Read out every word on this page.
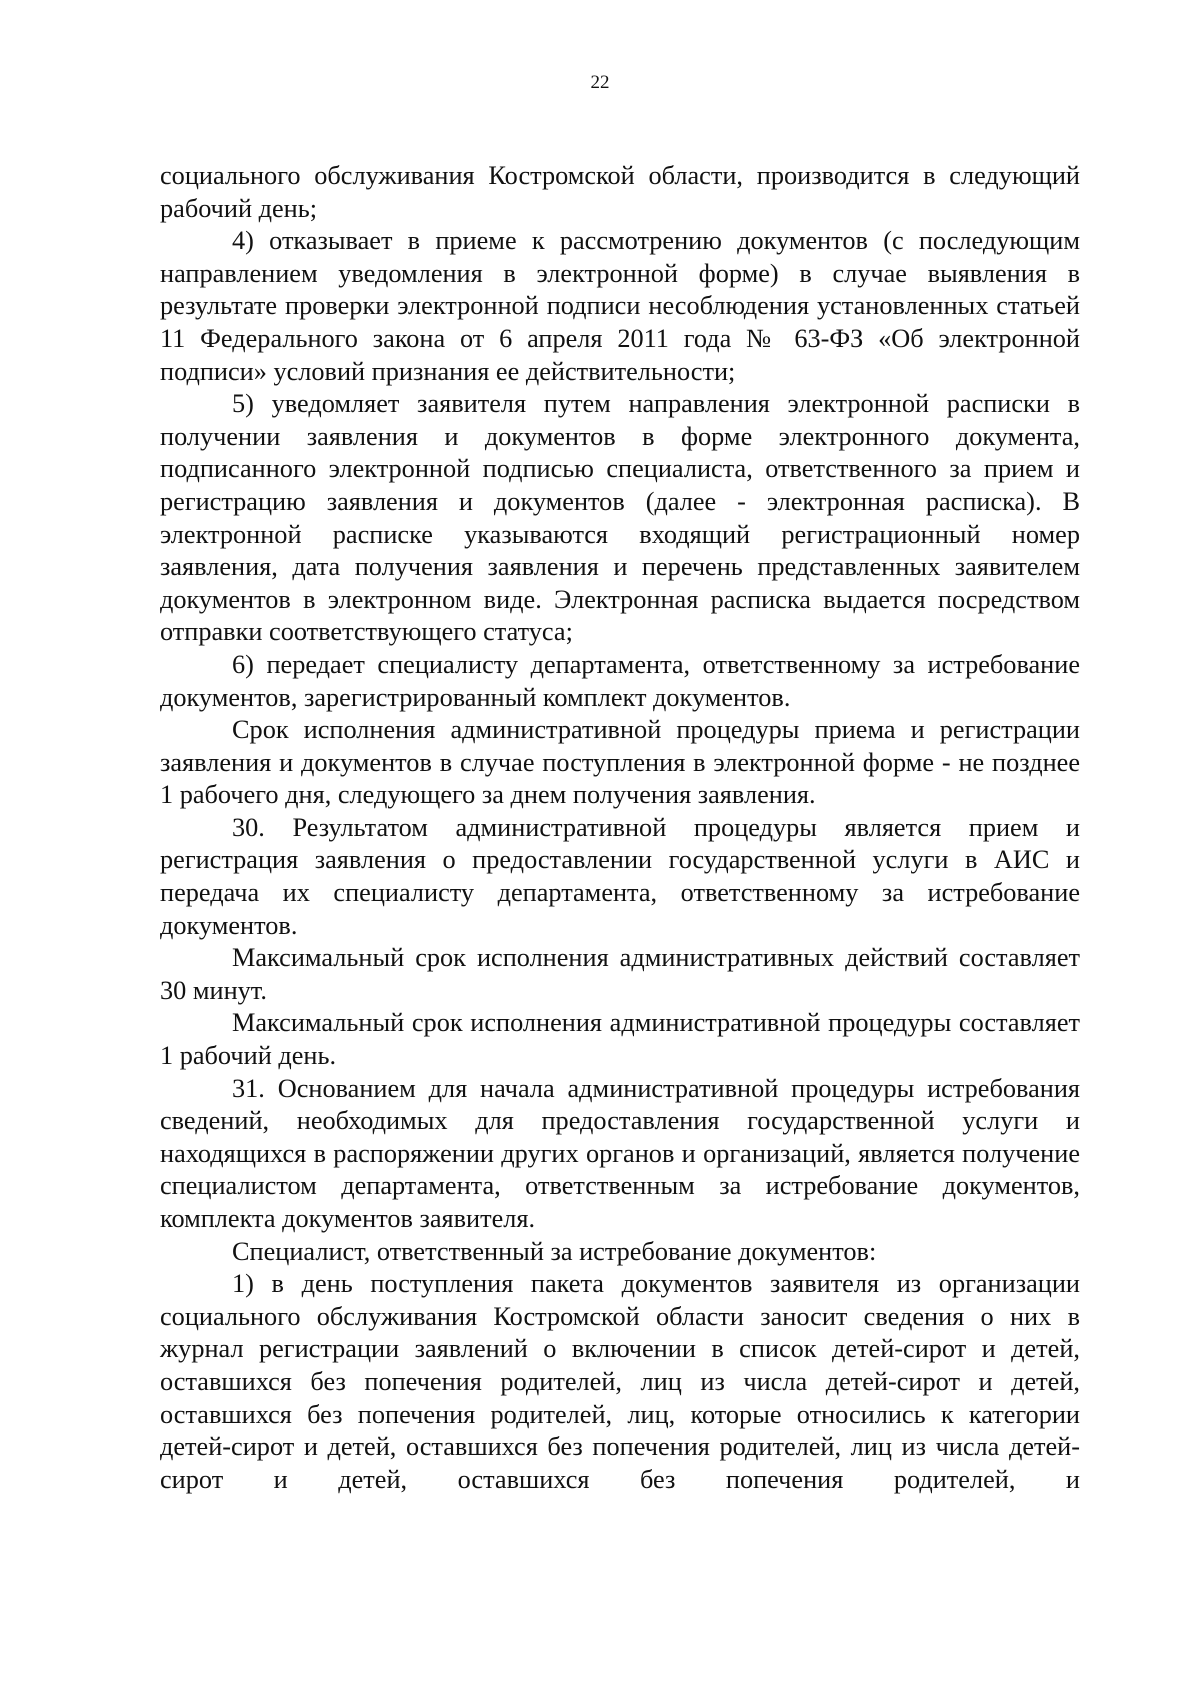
22

социального обслуживания Костромской области, производится в следующий рабочий день;

4) отказывает в приеме к рассмотрению документов (с последующим направлением уведомления в электронной форме) в случае выявления в результате проверки электронной подписи несоблюдения установленных статьей 11 Федерального закона от 6 апреля 2011 года № 63-ФЗ «Об электронной подписи» условий признания ее действительности;

5) уведомляет заявителя путем направления электронной расписки в получении заявления и документов в форме электронного документа, подписанного электронной подписью специалиста, ответственного за прием и регистрацию заявления и документов (далее - электронная расписка). В электронной расписке указываются входящий регистрационный номер заявления, дата получения заявления и перечень представленных заявителем документов в электронном виде. Электронная расписка выдается посредством отправки соответствующего статуса;

6) передает специалисту департамента, ответственному за истребование документов, зарегистрированный комплект документов.

Срок исполнения административной процедуры приема и регистрации заявления и документов в случае поступления в электронной форме - не позднее 1 рабочего дня, следующего за днем получения заявления.

30. Результатом административной процедуры является прием и регистрация заявления о предоставлении государственной услуги в АИС и передача их специалисту департамента, ответственному за истребование документов.

Максимальный срок исполнения административных действий составляет 30 минут.

Максимальный срок исполнения административной процедуры составляет 1 рабочий день.

31. Основанием для начала административной процедуры истребования сведений, необходимых для предоставления государственной услуги и находящихся в распоряжении других органов и организаций, является получение специалистом департамента, ответственным за истребование документов, комплекта документов заявителя.

Специалист, ответственный за истребование документов:

1) в день поступления пакета документов заявителя из организации социального обслуживания Костромской области заносит сведения о них в журнал регистрации заявлений о включении в список детей-сирот и детей, оставшихся без попечения родителей, лиц из числа детей-сирот и детей, оставшихся без попечения родителей, лиц, которые относились к категории детей-сирот и детей, оставшихся без попечения родителей, лиц из числа детей-сирот и детей, оставшихся без попечения родителей, и
